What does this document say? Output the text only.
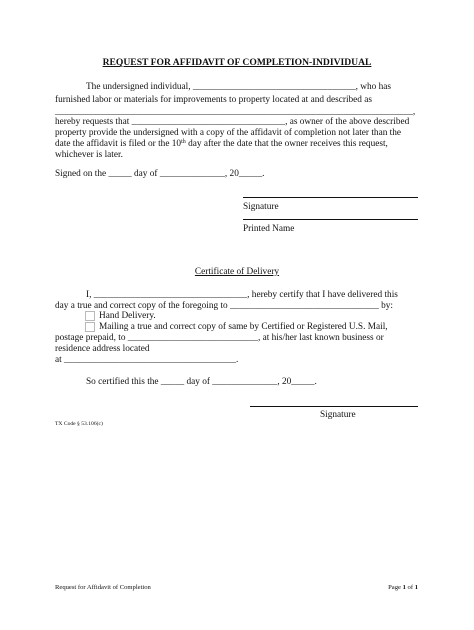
REQUEST FOR AFFIDAVIT OF COMPLETION-INDIVIDUAL
The undersigned individual, ___________________________________, who has
furnished labor or materials for improvements to property located at and described as
_____________________________________________________________________________,
hereby requests that _________________________________, as owner of the above described
property provide the undersigned with a copy of the affidavit of completion not later than the
date the affidavit is filed or the 10th day after the date that the owner receives this request,
whichever is later.
Signed on the _____ day of ______________, 20_____.
Signature
Printed Name
Certificate of Delivery
I, _________________________________, hereby certify that I have delivered this
day a true and correct copy of the foregoing to ________________________________ by:
Hand Delivery.
Mailing a true and correct copy of same by Certified or Registered U.S. Mail,
postage prepaid, to ____________________________, at his/her last known business or
residence address located
at _____________________________________.
So certified this the _____ day of ______________, 20_____.
Signature
TX Code § 53.106(c)
Request for Affidavit of Completion	Page 1 of 1
